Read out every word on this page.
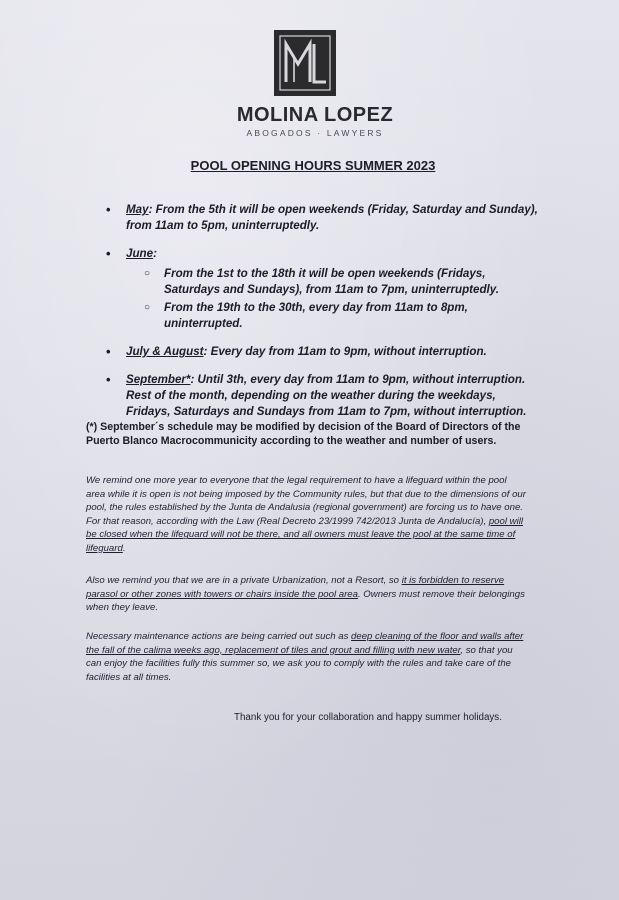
MOLINA LOPEZ
ABOGADOS · LAWYERS
POOL OPENING HOURS SUMMER 2023
• May: From the 5th it will be open weekends (Friday, Saturday and Sunday), from 11am to 5pm, uninterruptedly.
• June:
○ From the 1st to the 18th it will be open weekends (Fridays, Saturdays and Sundays), from 11am to 7pm, uninterruptedly.
○ From the 19th to the 30th, every day from 11am to 8pm, uninterrupted.
• July & August: Every day from 11am to 9pm, without interruption.
• September*: Until 3th, every day from 11am to 9pm, without interruption. Rest of the month, depending on the weather during the weekdays, Fridays, Saturdays and Sundays from 11am to 7pm, without interruption.
(*) September´s schedule may be modified by decision of the Board of Directors of the Puerto Blanco Macrocommunicity according to the weather and number of users.
We remind one more year to everyone that the legal requirement to have a lifeguard within the pool area while it is open is not being imposed by the Community rules, but that due to the dimensions of our pool, the rules established by the Junta de Andalusia (regional government) are forcing us to have one. For that reason, according with the Law (Real Decreto 23/1999 742/2013 Junta de Andalucía), pool will be closed when the lifeguard will not be there, and all owners must leave the pool at the same time of lifeguard.
Also we remind you that we are in a private Urbanization, not a Resort, so it is forbidden to reserve parasol or other zones with towers or chairs inside the pool area. Owners must remove their belongings when they leave.
Necessary maintenance actions are being carried out such as deep cleaning of the floor and walls after the fall of the calima weeks ago, replacement of tiles and grout and filling with new water, so that you can enjoy the facilities fully this summer so, we ask you to comply with the rules and take care of the facilities at all times.
Thank you for your collaboration and happy summer holidays.
